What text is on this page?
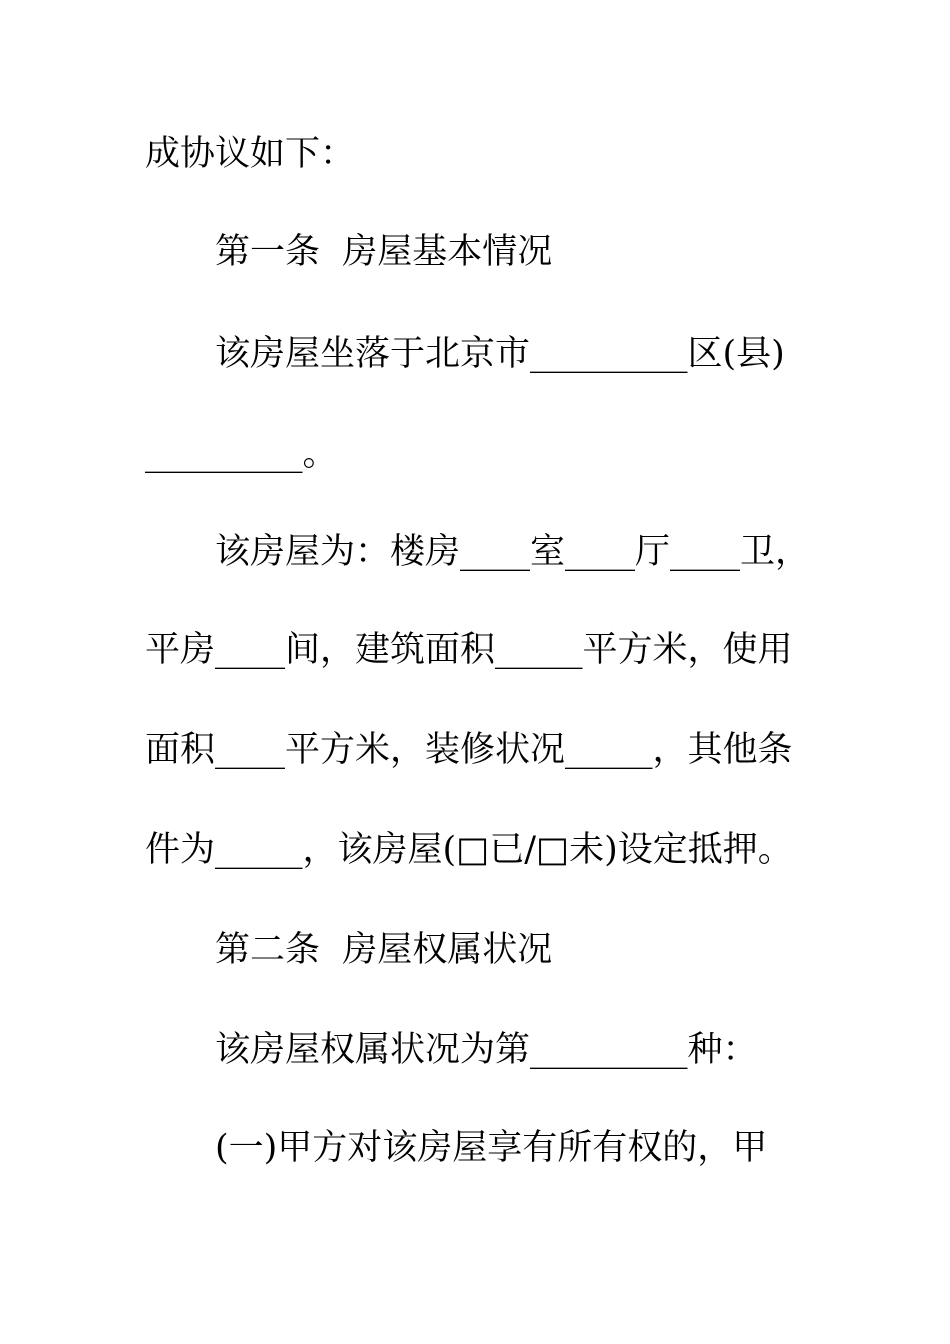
成协议如下：
第一条  房屋基本情况
该房屋坐落于北京市_________区(县)
_________。
该房屋为：楼房____室____厅____卫，
平房____间，建筑面积_____平方米，使用
面积____平方米，装修状况_____，其他条
件为_____，该房屋(□已/□未)设定抵押。
第二条  房屋权属状况
该房屋权属状况为第_________种：
(一)甲方对该房屋享有所有权的，甲
